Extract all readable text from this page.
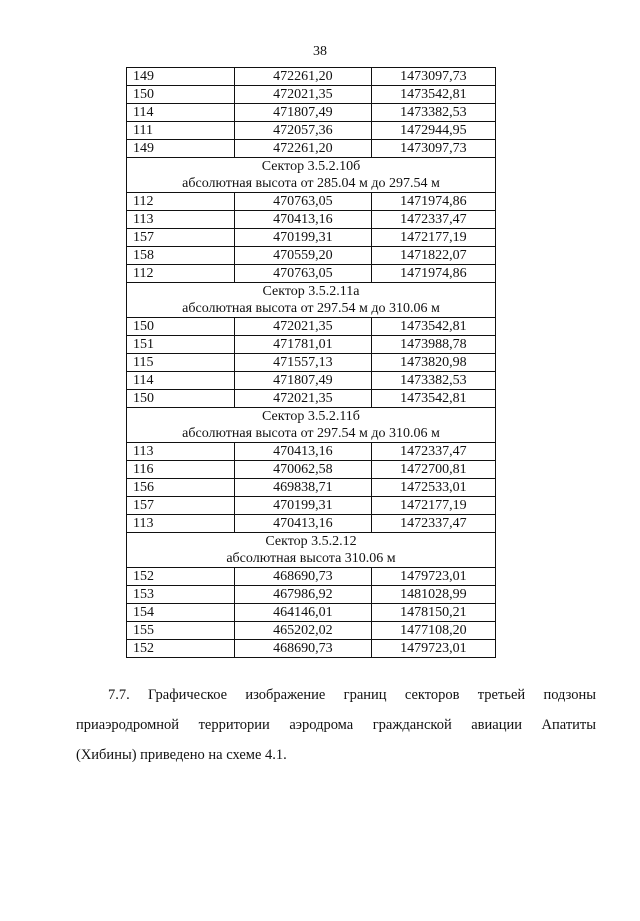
38
149	472261,20	1473097,73
150	472021,35	1473542,81
114	471807,49	1473382,53
111	472057,36	1472944,95
149	472261,20	1473097,73
Сектор 3.5.2.10б		
абсолютная высота от 285.04 м до 297.54 м		
112	470763,05	1471974,86
113	470413,16	1472337,47
157	470199,31	1472177,19
158	470559,20	1471822,07
112	470763,05	1471974,86
Сектор 3.5.2.11а		
абсолютная высота от 297.54 м до 310.06 м		
150	472021,35	1473542,81
151	471781,01	1473988,78
115	471557,13	1473820,98
114	471807,49	1473382,53
150	472021,35	1473542,81
Сектор 3.5.2.11б		
абсолютная высота от 297.54 м до 310.06 м		
113	470413,16	1472337,47
116	470062,58	1472700,81
156	469838,71	1472533,01
157	470199,31	1472177,19
113	470413,16	1472337,47
Сектор 3.5.2.12		
абсолютная высота 310.06 м		
152	468690,73	1479723,01
153	467986,92	1481028,99
154	464146,01	1478150,21
155	465202,02	1477108,20
152	468690,73	1479723,01
7.7. Графическое изображение границ секторов третьей подзоны
приаэродромной территории аэродрома гражданской авиации Апатиты
(Хибины) приведено на схеме 4.1.
